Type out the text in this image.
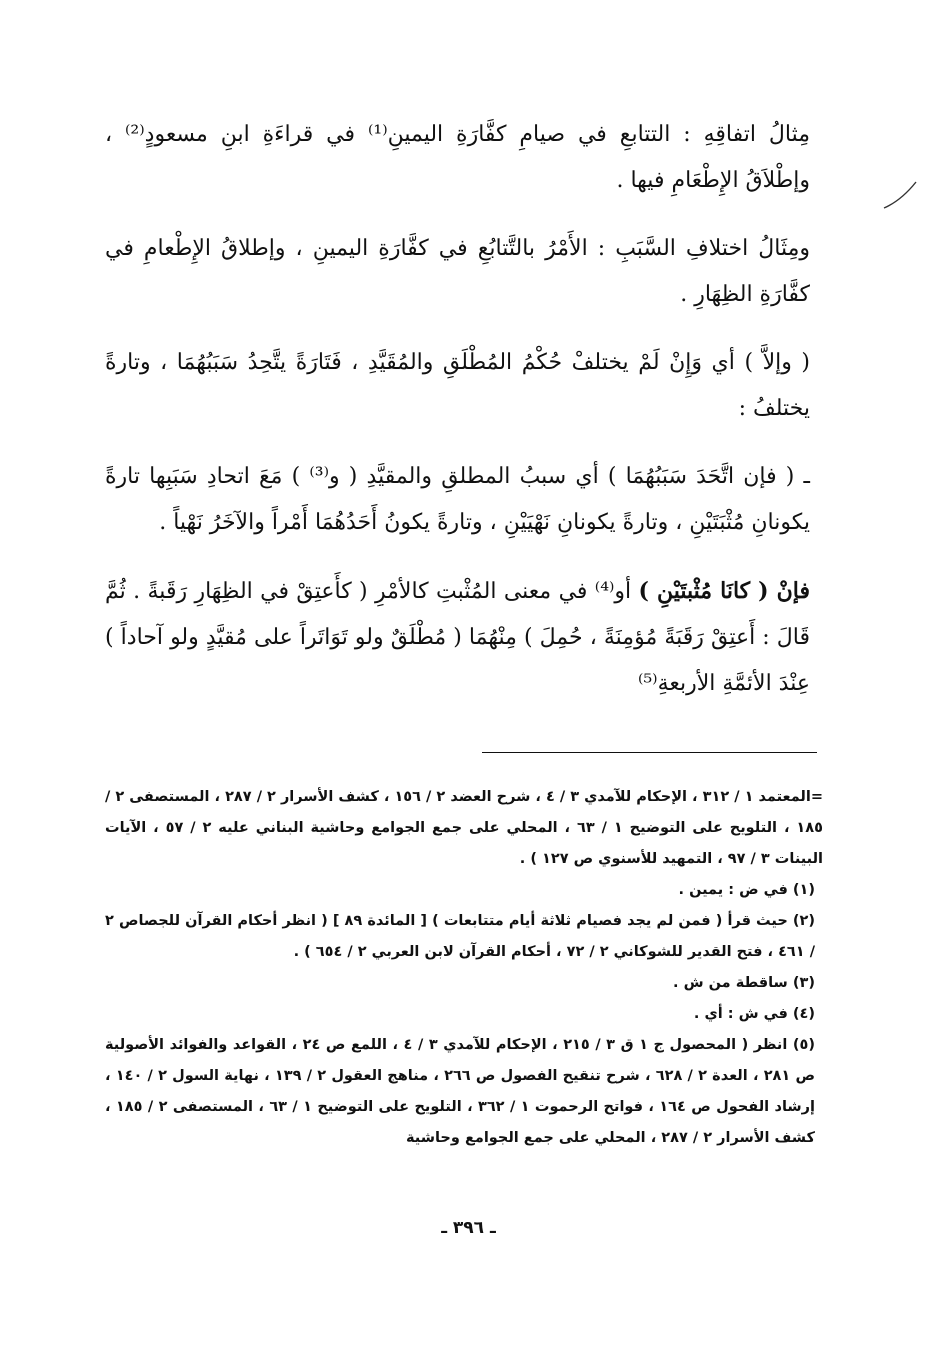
مِثالُ اتفاقِهِ : التتابعِ في صيامِ كفَّارَةِ اليمينِ⁽¹⁾ في قراءَةِ ابنِ مسعودٍ⁽²⁾ ، وإطْلاَقُ الإِطْعَامِ فيها .

ومِثَالُ اختلافِ السَّبَبِ : الأَمْرُ بالتَّتابُعِ في كفَّارَةِ اليمينِ ، وإطلاقُ الإِطْعامِ في كفَّارَةِ الظِهَارِ .

( وإلاَّ ) أي وَإِنْ لَمْ يختلفْ حُكْمُ المُطْلَقِ والمُقَيَّدِ ، فَتَارَةً يتَّحِدُ سَبَبُهُمَا ، وتارةً يختلفُ :

ـ ( فإن اتَّحَدَ سَبَبُهُمَا ) أي سببُ المطلقِ والمقيَّدِ ( و⁽³⁾ ) مَعَ اتحادِ سَبَبِها تارةً يكونانِ مُثْبَتَيْنِ ، وتارةً يكونانِ نَهْيَيْنِ ، وتارةً يكونُ أَحَدُهُمَا أَمْراً والآخَرُ نَهْياً .

فإنْ ( كانَا مُثْبتَيْنِ ) أو⁽⁴⁾ في معنى المُثْبتِ كالأمْرِ ( كأَعتِقْ في الظِهَارِ رَقَبةً . ثُمَّ قَالَ : أَعتِقْ رَقَبَةً مُؤمِنَةً ، حُمِلَ ) مِنْهُمَا ( مُطْلَقٌ ولو تَوَاتَراً على مُقيَّدٍ ولو آحاداً ) عِنْدَ الأئمَّةِ الأربعةِ⁽⁵⁾

=المعتمد ١ / ٣١٢ ، الإحكام للآمدي ٣ / ٤ ، شرح العضد ٢ / ١٥٦ ، كشف الأسرار ٢ / ٢٨٧ ، المستصفى ٢ / ١٨٥ ، التلويح على التوضيح ١ / ٦٣ ، المحلي على جمع الجوامع وحاشية البناني عليه ٢ / ٥٧ ، الآيات البينات ٣ / ٩٧ ، التمهيد للأسنوي ص ١٢٧ ) .

(١) في ض : يمين .

(٢) حيث قرأ ( فمن لم يجد فصيام ثلاثة أيام متتابعات ) [ المائدة ٨٩ ] ( انظر أحكام القرآن للجصاص ٢ / ٤٦١ ، فتح القدير للشوكاني ٢ / ٧٢ ، أحكام القرآن لابن العربي ٢ / ٦٥٤ ) .

(٣) ساقطة من ش .

(٤) في ش : أي .

(٥) انظر ( المحصول ج ١ ق ٣ / ٢١٥ ، الإحكام للآمدي ٣ / ٤ ، اللمع ص ٢٤ ، القواعد والفوائد الأصولية ص ٢٨١ ، العدة ٢ / ٦٢٨ ، شرح تنقيح الفصول ص ٢٦٦ ، مناهج العقول ٢ / ١٣٩ ، نهاية السول ٢ / ١٤٠ ، إرشاد الفحول ص ١٦٤ ، فواتح الرحموت ١ / ٣٦٢ ، التلويح على التوضيح ١ / ٦٣ ، المستصفى ٢ / ١٨٥ ، كشف الأسرار ٢ / ٢٨٧ ، المحلي على جمع الجوامع وحاشية

ـ ٣٩٦ ـ
